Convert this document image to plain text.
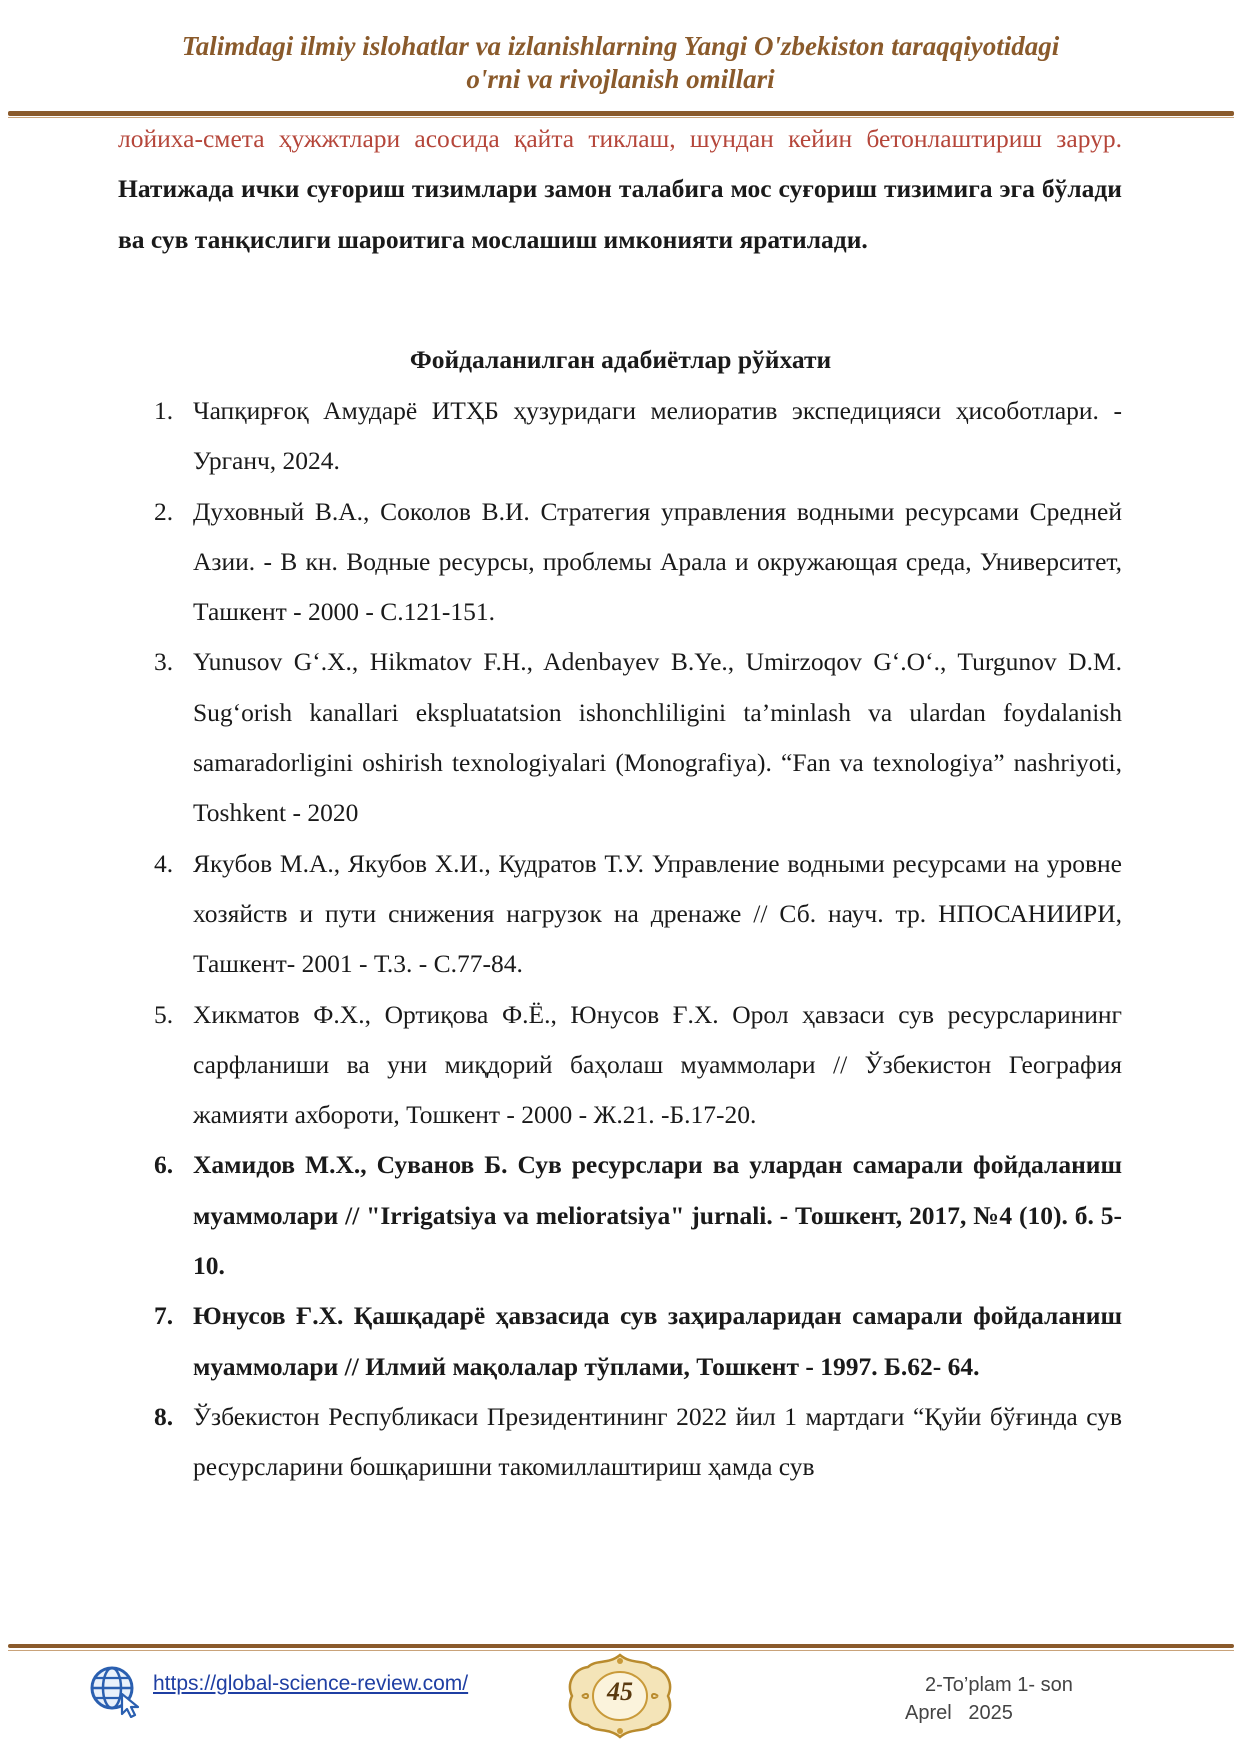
Talimdagi ilmiy islohatlar va izlanishlarning Yangi O'zbekiston taraqqiyotidagi
o'rni va rivojlanish omillari
лойиха-смета ҳужжтлари асосида қайта тиклаш, шундан кейин бетонлаштириш зарур. Натижада ички суғориш тизимлари замон талабига мос суғориш тизимига эга бўлади ва сув танқислиги шароитига мослашиш имконияти яратилади.
Фойдаланилган адабиётлар рўйхати
1. Чапқирғоқ Амударё ИТҲБ ҳузуридаги мелиоратив экспедицияси ҳисоботлари. - Урганч, 2024.
2. Духовный В.А., Соколов В.И. Стратегия управления водными ресурсами Средней Азии. - В кн. Водные ресурсы, проблемы Арала и окружающая среда, Университет, Ташкент - 2000 - С.121-151.
3. Yunusov G‘.X., Hikmatov F.H., Adenbayev B.Ye., Umirzoqov G‘.O‘., Turgunov D.M. Sug‘orish kanallari ekspluatatsion ishonchliligini ta’minlash va ulardan foydalanish samaradorligini oshirish texnologiyalari (Monografiya). “Fan va texnologiya” nashriyoti, Toshkent - 2020
4. Якубов М.А., Якубов Х.И., Кудратов Т.У. Управление водными ресурсами на уровне хозяйств и пути снижения нагрузок на дренаже // Сб. науч. тр. НПОСАНИИРИ, Ташкент- 2001 - Т.3. - С.77-84.
5. Хикматов Ф.Х., Ортиқова Ф.Ё., Юнусов Ғ.Х. Орол ҳавзаси сув ресурсларининг сарфланиши ва уни миқдорий баҳолаш муаммолари // Ўзбекистон География жамияти ахбороти, Тошкент - 2000 - Ж.21. -Б.17-20.
6. Хамидов М.Х., Суванов Б. Сув ресурслари ва улардан самарали фойдаланиш муаммолари // "Irrigatsiya va melioratsiya" jurnali. - Тошкент, 2017, №4 (10). б. 5-10.
7. Юнусов Ғ.Х. Қашқадарё ҳавзасида сув заҳираларидан самарали фойдаланиш муаммолари // Илмий мақолалар тўплами, Тошкент - 1997. Б.62- 64.
8. Ўзбекистон Республикаси Президентининг 2022 йил 1 мартдаги “Қуйи бўғинда сув ресурсларини бошқаришни такомиллаштириш ҳамда сув
https://global-science-review.com/	45	2-To’plam 1- son
Aprel   2025
